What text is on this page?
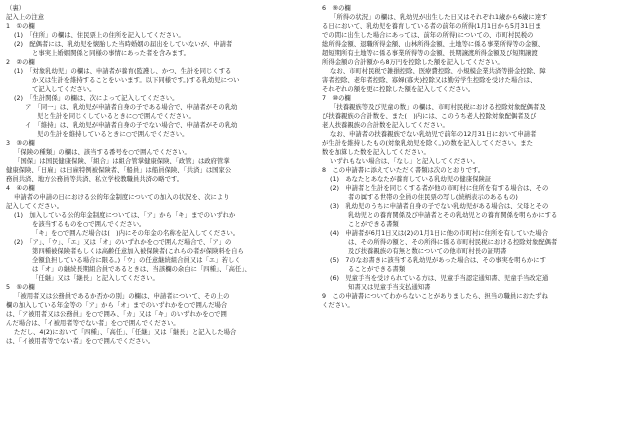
（裏）
記入上の注意
1　①の欄
(1)　「住所」の欄は、住民票上の住所を記入してください。
(2)　配偶者には、乳幼児を懐胎した当時婚姻の届出をしていないが、申請者
と事実上婚姻関係と同様の事情にあった者を含みます。
2　②の欄
(1)　「対象乳幼児」の欄は、申請者が養育(監護し、かつ、生計を同じくする
か又は生計を維持することをいいます。以下同様です。)する乳幼児につい
て記入してください。
(2)　「生計関係」の欄は、次によって記入してください。
ア　「同一」は、乳幼児が申請者自身の子である場合で、申請者がその乳幼
児と生計を同じくしているときに○で囲んでください。
イ　「維持」は、乳幼児が申請者自身の子でない場合で、申請者がその乳幼
児の生計を維持しているときに○で囲んでください。
3　③の欄
「保険の種類」の欄は、該当する番号を○で囲んでください。
「国保」は国民健康保険、「組合」は組合管掌健康保険、「政管」は政府管掌
健康保険、「日雇」は日雇特例被保険者、「船員」は船員保険、「共済」は国家公
務員共済、地方公務員等共済、私立学校教職員共済の略です。
4　④の欄
申請者の申請の日における公的年金制度についての加入の状況を、次により
記入してください。
(1)　加入している公的年金制度については、「ア」から「キ」までのいずれか
を該当するものを○で囲んでください。
「キ」を○で囲んだ場合は(　)内にその年金の名称を記入してください。
(2)　「ア」、「ウ」、「エ」又は「オ」のいずれかを○で囲んだ場合で、「ア」の
第四種被保険者もしくは高齢任意加入被保険者(これらの者が保険料を自ら
全額負担している場合に限る。)「ウ」の任意継続組合員又は「エ」若しく
は「オ」の継続長期組合員であるときは、当該欄の余白に「四種」、「高任」、
「任継」又は「継長」と記入してください。
5　⑤の欄
「被用者又は公務員であるか否かの別」の欄は、申請者について、その上の
欄の加入している年金等の「ア」から「オ」までのいずれかを○で囲んだ場合
は、「ア被用者又は公務員」を○で囲み、「カ」又は「キ」のいずれかを○で囲
んだ場合は、「イ被用者等でない者」を○で囲んでください。
ただし、4(2)において「四種」、「高任」、「任継」又は「継長」と記入した場合
は、「イ被用者等でない者」を○で囲んでください。
6　⑨の欄
「所得の状況」の欄は、乳幼児が出生した日又はそれぞれ1歳から6歳に達す
る日において、乳幼児を養育している者の前年の所得(1月1日から5月31日ま
での間に出生した場合にあっては、前年の所得)についての、市町村民税の
総所得金額、退職所得金額、山林所得金額、土地等に係る事業所得等の金額、
超短期所有土地等に係る事業所得等の金額、長期譲渡所得金額及び短期譲渡
所得金額の合計額から8万円を控除した額を記入してください。
なお、市町村民税で雑損控除、医療費控除、小規模企業共済等掛金控除、障
害者控除、老年者控除、寡婦(寡夫)控除又は勤労学生控除を受けた場合は、
それぞれの額を更に控除した額を記入してください。
7　⑩の欄
「扶養親族等及び児童の数」の欄は、市町村民税における控除対象配偶者及
び扶養親族の合計数を、また(　)内には、このうち老人控除対象配偶者及び
老人扶養親族の合計数を記入してください。
なお、申請者の扶養親族でない乳幼児で前年の12月31日において申請者
が生計を維持したもの(対象乳幼児を除く。)の数を記入してください。また
数を加算した数を記入してください。
いずれもない場合は、「なし」と記入してください。
8　この申請書に添えていただく書類は次のとおりです。
(1)　あなたとあなたが養育している乳幼児の健康保険証
(2)　申請者と生計を同じくする者が他の市町村に住所を有する場合は、その
者の属する世帯の全員の住民票の写し(続柄表示のあるもの)
(3)　乳幼児のうちに申請者自身の子でない乳幼児がある場合は、父母とその
乳幼児との養育関係及び申請者とその乳幼児との養育関係を明らかにする
ことができる書類
(4)　申請者が6月1日又は(2)の1月1日に他の市町村に住所を有していた場合
は、その所得の額と、その所得に係る市町村民税における控除対象配偶者
及び扶養親族の有無と数についての他市町村長の証明書
(5)　7のなお書きに該当する乳幼児があった場合は、その事実を明らかにす
ることができる書類
(6)　児童手当を受けられている方は、児童手当認定通知書、児童手当改定通
知書又は児童手当支払通知書
9　この申請書についてわからないことがありましたら、担当の職員におたずね
ください。
